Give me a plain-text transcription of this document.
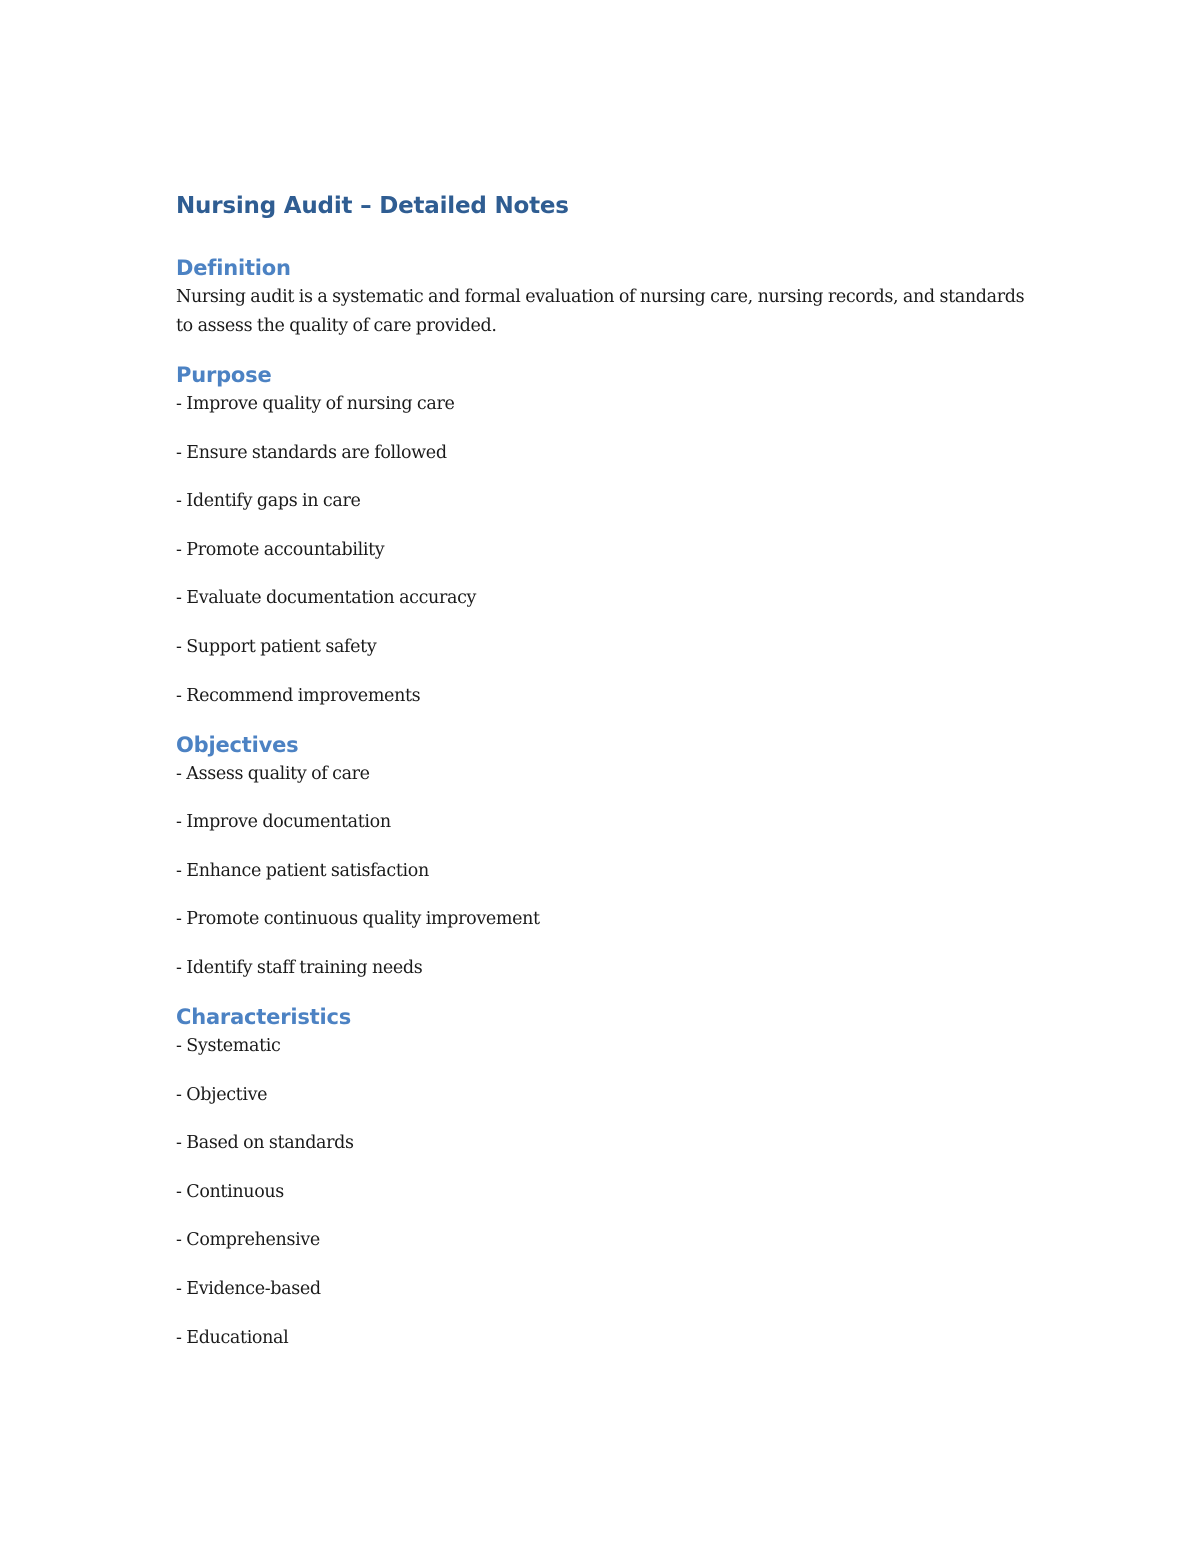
Nursing Audit – Detailed Notes
Definition

Nursing audit is a systematic and formal evaluation of nursing care, nursing records, and standards to assess the quality of care provided.

Purpose
- Improve quality of nursing care
- Ensure standards are followed
- Identify gaps in care
- Promote accountability
- Evaluate documentation accuracy
- Support patient safety
- Recommend improvements
Objectives
- Assess quality of care
- Improve documentation
- Enhance patient satisfaction
- Promote continuous quality improvement
- Identify staff training needs
Characteristics
- Systematic
- Objective
- Based on standards
- Continuous
- Comprehensive
- Evidence-based
- Educational
